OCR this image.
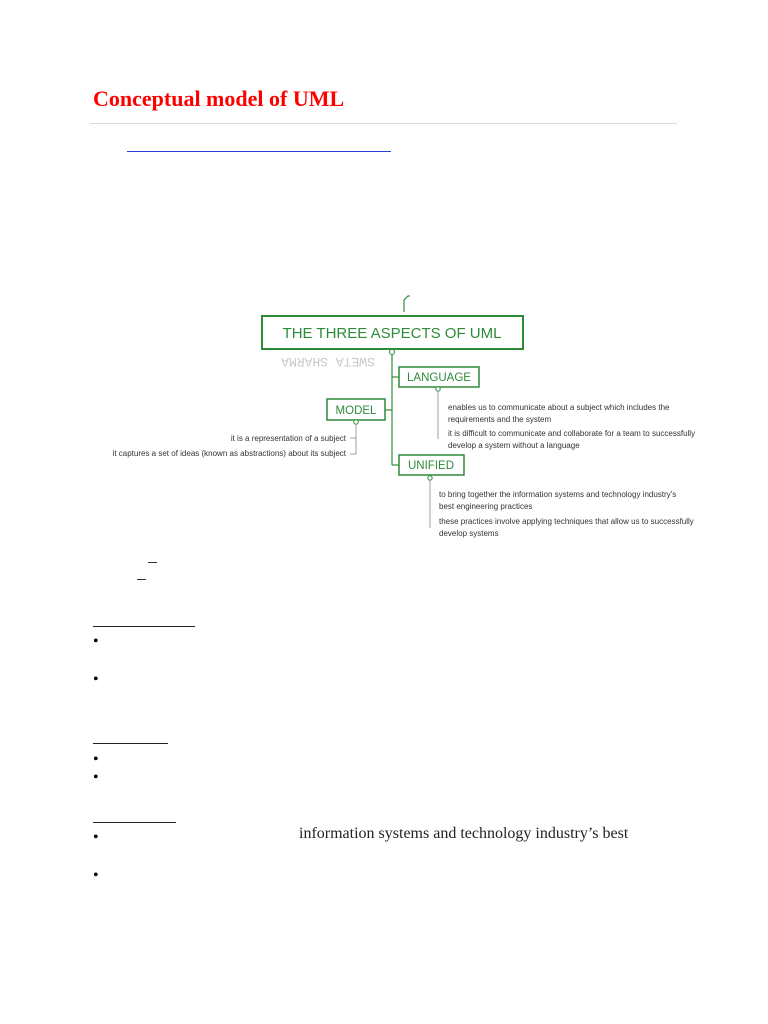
Conceptual model of UML
THE THREE ASPECTS OF UML
SWETA SHARMA
LANGUAGE
enables us to communicate about a subject which includes the requirements and the system
it is difficult to communicate and collaborate for a team to successfully develop a system without a language
MODEL
it is a representation of a subject
it captures a set of ideas (known as abstractions) about its subject
UNIFIED
to bring together the information systems and technology industry's best engineering practices
these practices involve applying techniques that allow us to successfully develop systems
•
•
•
•
•	information systems and technology industry’s best
•
